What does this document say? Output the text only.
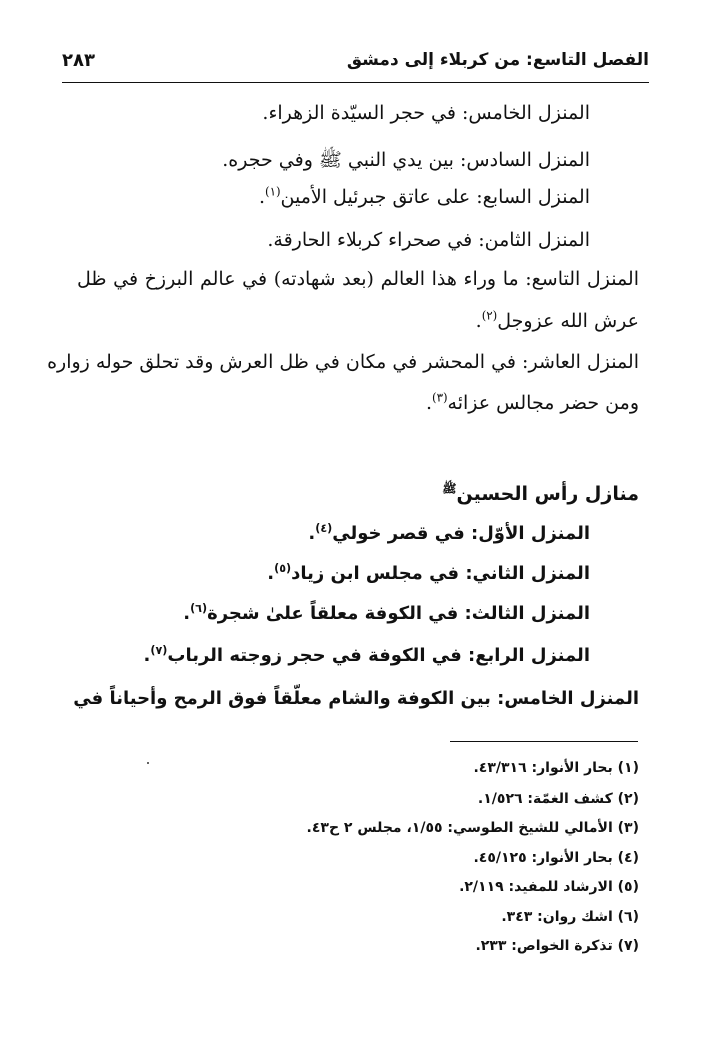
الفصل التاسع: من كربلاء إلى دمشق
٢٨٣
المنزل الخامس: في حجر السيّدة الزهراء.
المنزل السادس: بين يدي النبي ﷺ وفي حجره.
المنزل السابع: على عاتق جبرئيل الأمين$^{(١)}$.
المنزل الثامن: في صحراء كربلاء الحارقة.
المنزل التاسع: ما وراء هذا العالم (بعد شهادته) في عالم البرزخ في ظل
عرش الله عزوجل$^{(٢)}$.
المنزل العاشر: في المحشر في مكان في ظل العرش وقد تحلق حوله زواره
ومن حضر مجالس عزائه$^{(٣)}$.
منازل رأس الحسين$^ﷺ$
المنزل الأوّل: في قصر خولي$^{(٤)}$.
المنزل الثاني: في مجلس ابن زياد$^{(٥)}$.
المنزل الثالث: في الكوفة معلقاً علىٰ شجرة$^{(٦)}$.
المنزل الرابع: في الكوفة في حجر زوجته الرباب$^{(٧)}$.
المنزل الخامس: بين الكوفة والشام معلّقاً فوق الرمح وأحياناً في
(١) بحار الأنوار: ٤٣/٣١٦.
(٢) كشف الغمّة: ١/٥٢٦.
(٣) الأمالي للشيخ الطوسي: ١/٥٥، مجلس ٢ ح٤٣.
(٤) بحار الأنوار: ٤٥/١٢٥.
(٥) الارشاد للمفيد: ٢/١١٩.
(٦) اشك روان: ٣٤٣.
(٧) تذكرة الخواص: ٢٣٣.
